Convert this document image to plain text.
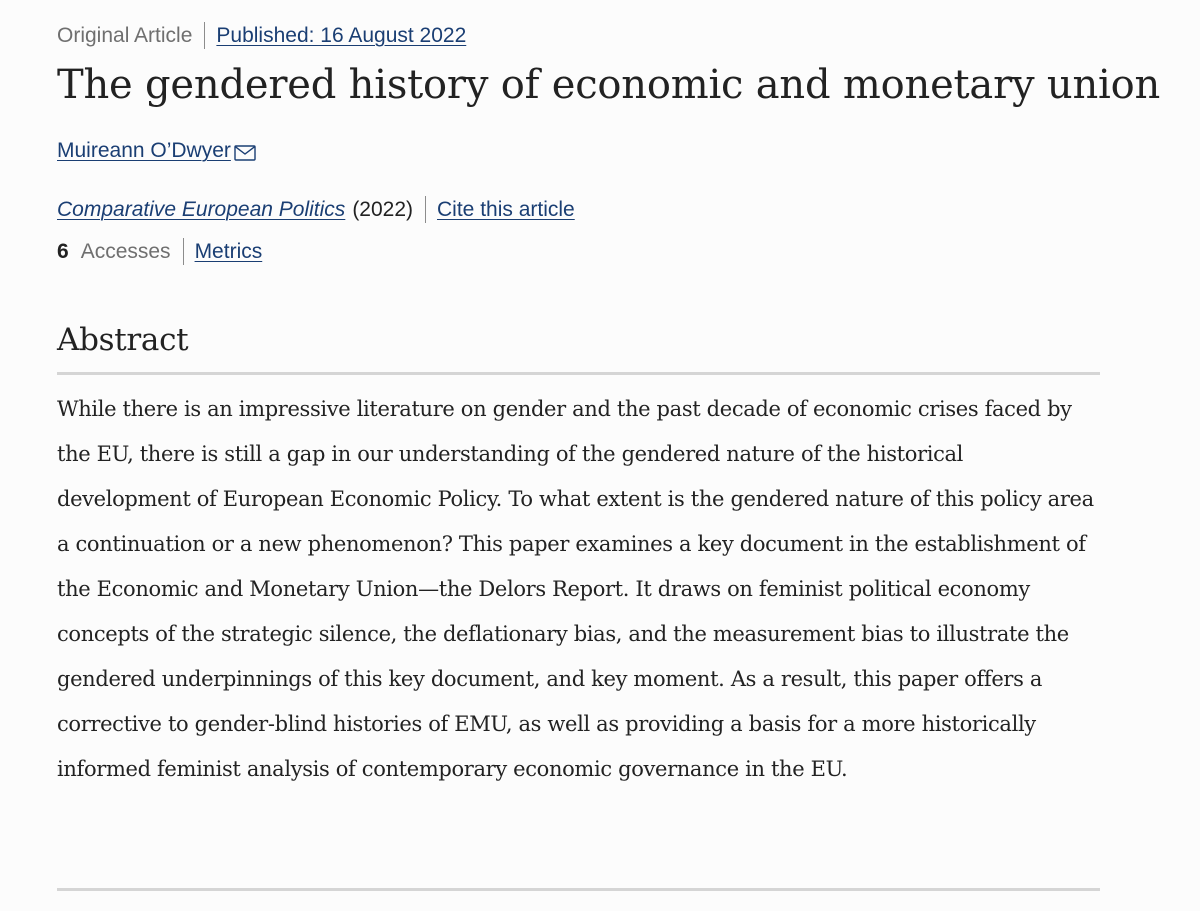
Original Article Published: 16 August 2022
The gendered history of economic and monetary union
Muireann O’Dwyer
Comparative European Politics (2022) Cite this article
6 Accesses Metrics
Abstract

While there is an impressive literature on gender and the past decade of economic crises faced by the EU, there is still a gap in our understanding of the gendered nature of the historical development of European Economic Policy. To what extent is the gendered nature of this policy area a continuation or a new phenomenon? This paper examines a key document in the establishment of the Economic and Monetary Union—the Delors Report. It draws on feminist political economy concepts of the strategic silence, the deflationary bias, and the measurement bias to illustrate the gendered underpinnings of this key document, and key moment. As a result, this paper offers a corrective to gender-blind histories of EMU, as well as providing a basis for a more historically informed feminist analysis of contemporary economic governance in the EU.
